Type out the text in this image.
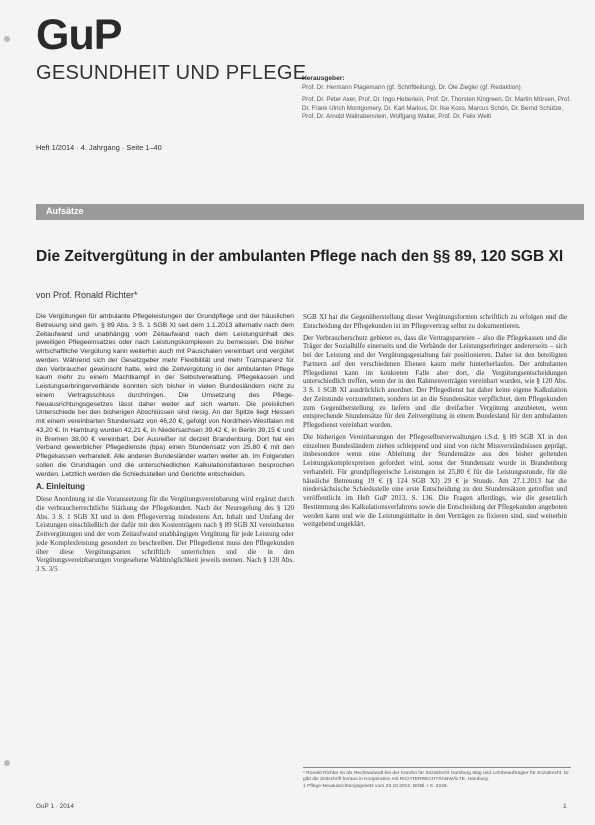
GuP
GESUNDHEIT UND PFLEGE
Herausgeber:
Prof. Dr. Hermann Plagemann (gf. Schriftleitung), Dr. Ole Ziegler (gf. Redaktion)
Prof. Dr. Peter Axer, Prof. Dr. Ingo Heberlein, Prof. Dr. Thorsten Kingreen, Dr. Martin Mörsen, Prof. Dr. Frank Ulrich Montgomery, Dr. Karl Markus, Dr. Ilse Koss, Marcus Schön, Dr. Bernd Schütze, Prof. Dr. Arnold Wallrabenstein, Wolfgang Walter, Prof. Dr. Felix Welti
Heft 1/2014 · 4. Jahrgang · Seite 1–40
Aufsätze
Die Zeitvergütung in der ambulanten Pflege nach den §§ 89, 120 SGB XI
von Prof. Ronald Richter*

Die Vergütungen für ambulante Pflegeleistungen der Grundpflege und der häuslichen Betreuung sind gem. § 89 Abs. 3 S. 1 SGB XI seit dem 1.1.2013 alternativ nach dem Zeitaufwand und unabhängig vom Zeitaufwand nach dem Leistungsinhalt des jeweiligen Pflegeeinsatzes oder nach Leistungskomplexen zu bemessen. Die bisher wirtschaftliche Vergütung kann weiterhin auch mit Pauschalen vereinbart und vergütet werden. Während sich der Gesetzgeber mehr Flexibilität und mehr Transparenz für den Verbraucher gewünscht hatte, wird die Zeitvergütung in der ambulanten Pflege kaum mehr zu einem Machtkampf in der Selbstverwaltung. Pflegekassen und Leistungserbringerverbände konnten sich bisher in vielen Bundesländern nicht zu einem Vertragsschluss durchringen. Die Umsetzung des Pflege-Neuausrichtungsgesetzes lässt daher weiter auf sich warten. Die preislichen Unterschiede bei den bisherigen Abschlüssen sind riesig. An der Spitze liegt Hessen mit einem vereinbarten Stundensatz von 46,20 €, gefolgt von Nordrhein-Westfalen mit 43,20 €. In Hamburg wurden 42,21 €, in Niedersachsen 39,42 €, in Berlin 39,15 € und in Bremen 38,00 € vereinbart. Der Ausreißer ist derzeit Brandenburg. Dort hat ein Verband gewerblicher Pflegedienste (bpa) einen Stundensatz von 25,80 € mit den Pflegekassen verhandelt. Alle anderen Bundesländer warten weiter ab. Im Folgenden sollen die Grundlagen und die unterschiedlichen Kalkulationsfaktoren besprochen werden. Letztlich werden die Schiedsstellen und Gerichte entscheiden.

A. Einleitung

Diese Anordnung ist die Voraussetzung für die Vergütungsvereinbarung wird ergänzt durch die verbraucherrechtliche Stärkung der Pflegekunden. Nach der Neuregelung des § 120 Abs. 3 S. 1 SGB XI und in dem Pflegevertrag mindestens Art, Inhalt und Umfang der Leistungen einschließlich der dafür mit den Kostenträgern nach § 89 SGB XI vereinbarten Zeitvergütungen und der vom Zeitaufwand unabhängigen Vergütung für jede Leistung oder jede Komplexleistung gesondert zu beschreiben. Der Pflegedienst muss den Pflegekunden über diese Vergütungsarten schriftlich unterrichten und die in den Vergütungsvereinbarungen vorgesehene Wahlmöglichkeit jeweils nennen. Nach § 120 Abs. 3 S. 3/5

SGB XI hat die Gegenüberstellung dieser Vergütungsformen schriftlich zu erfolgen und die Entscheidung der Pflegekunden ist im Pflegevertrag selbst zu dokumentieren.

Der Verbraucherschutz gebietet es, dass die Vertragsparteien – also die Pflegekassen und die Träger der Sozialhilfe einerseits und die Verbände der Leistungserbringer andererseits – sich bei der Leistung und der Vergütungsgestaltung fair positionieren. Daher ist den beteiligten Partnern auf den verschiedenen Ebenen kaum mehr hinterherlaufen. Der ambulanten Pflegedienst kann im konkreten Falle aber dort, die Vergütungsentscheidungen unterschiedlich treffen, wenn der in den Rahmenverträgen vereinbart wurden, wie § 120 Abs. 3 S. 1 SGB XI ausdrücklich anordnet. Der Pflegedienst hat daher keine eigene Kalkulation der Zeitstunde vorzunehmen, sondern ist an die Stundensätze verpflichtet, dem Pflegekunden zum Gegenüberstellung zu liefern und die dreifacher Vergütung anzubieten, wenn entsprechende Stundensätze für den Zeitvergütung in einem Bundesland für den ambulanten Pflegedienst vereinbart wurden.

Die bisherigen Vereinbarungen der Pflegeselbstverwaltungen i.S.d. § 89 SGB XI in den einzelnen Bundesländern ziehen schleppend und sind von nicht Missverständnissen geprägt, insbesondere wenn eine Ableitung der Stundensätze aus den bisher geltenden Leistungskomplexpreisen gefordert wird, sonst der Stundensatz wurde in Brandenburg verhandelt. Für grundpflegerische Leistungen ist 25,80 € für die Leistungsstunde, für die häusliche Betreuung 19 € (§ 124 SGB XI) 29 € je Stunde. Am 27.1.2013 hat die niedersächsische Schiedsstelle eine erste Entscheidung zu den Stundensätzen getroffen und veröffentlicht im Heft GuP 2013, S. 136. Die Fragen allerdings, wie die gesetzlich Bestimmung des Kalkulationsverfahrens sowie die Entscheidung der Pflegekunden angeboten werden kann und wie die Leistungsinhalte in den Verträgen zu fixieren sind, sind weiterhin weitgehend ungeklärt.

* Ronald Richter ist als Rechtsanwalt bei der Kanzlei für Sozialrecht Hamburg tätig und Lehrbeauftragter für Sozialrecht. Er gibt die Zeitschrift heraus in Kooperation mit RICHTERRECHTSANWÄLTE, Hamburg.
1 Pflege-Neuausrichtungsgesetz vom 23.10.2012, BGBl. I S. 2246.
GuP 1 · 2014	1
